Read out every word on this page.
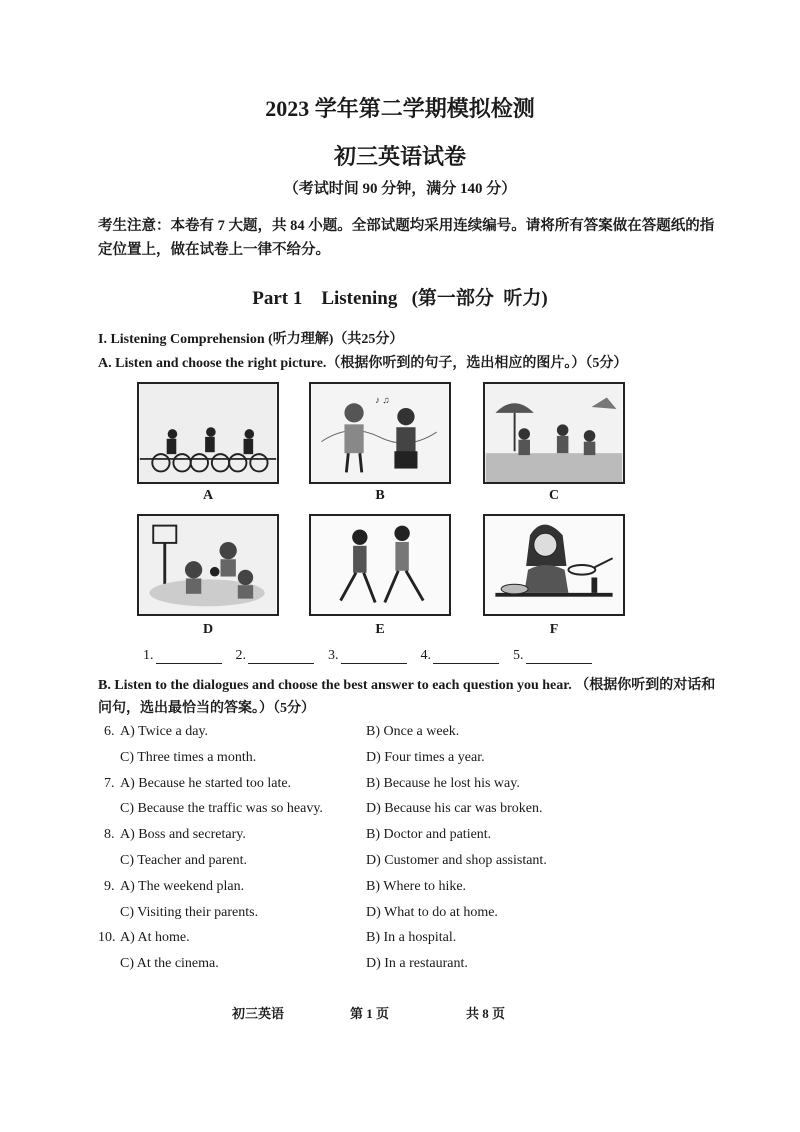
2023 学年第二学期模拟检测
初三英语试卷
（考试时间 90 分钟，满分 140 分）
考生注意：本卷有 7 大题，共 84 小题。全部试题均采用连续编号。请将所有答案做在答题纸的指定位置上，做在试卷上一律不给分。
Part 1    Listening   (第一部分  听力)
I. Listening Comprehension (听力理解)（共25分）
A. Listen and choose the right picture.（根据你听到的句子，选出相应的图片。）（5分）
A
♪ ♫
B	C
D	E	F
1.	2.	3.	4.	5.
B. Listen to the dialogues and choose the best answer to each question you hear. （根据你听到的对话和问句，选出最恰当的答案。）（5分）
6. A) Twice a day.	B) Once a week.
C) Three times a month.	D) Four times a year.
7. A) Because he started too late.	B) Because he lost his way.
C) Because the traffic was so heavy.	D) Because his car was broken.
8. A) Boss and secretary.	B) Doctor and patient.
C) Teacher and parent.	D) Customer and shop assistant.
9. A) The weekend plan.	B) Where to hike.
C) Visiting their parents.	D) What to do at home.
10. A) At home.	B) In a hospital.
C) At the cinema.	D) In a restaurant.
初三英语	第 1 页	共 8 页
